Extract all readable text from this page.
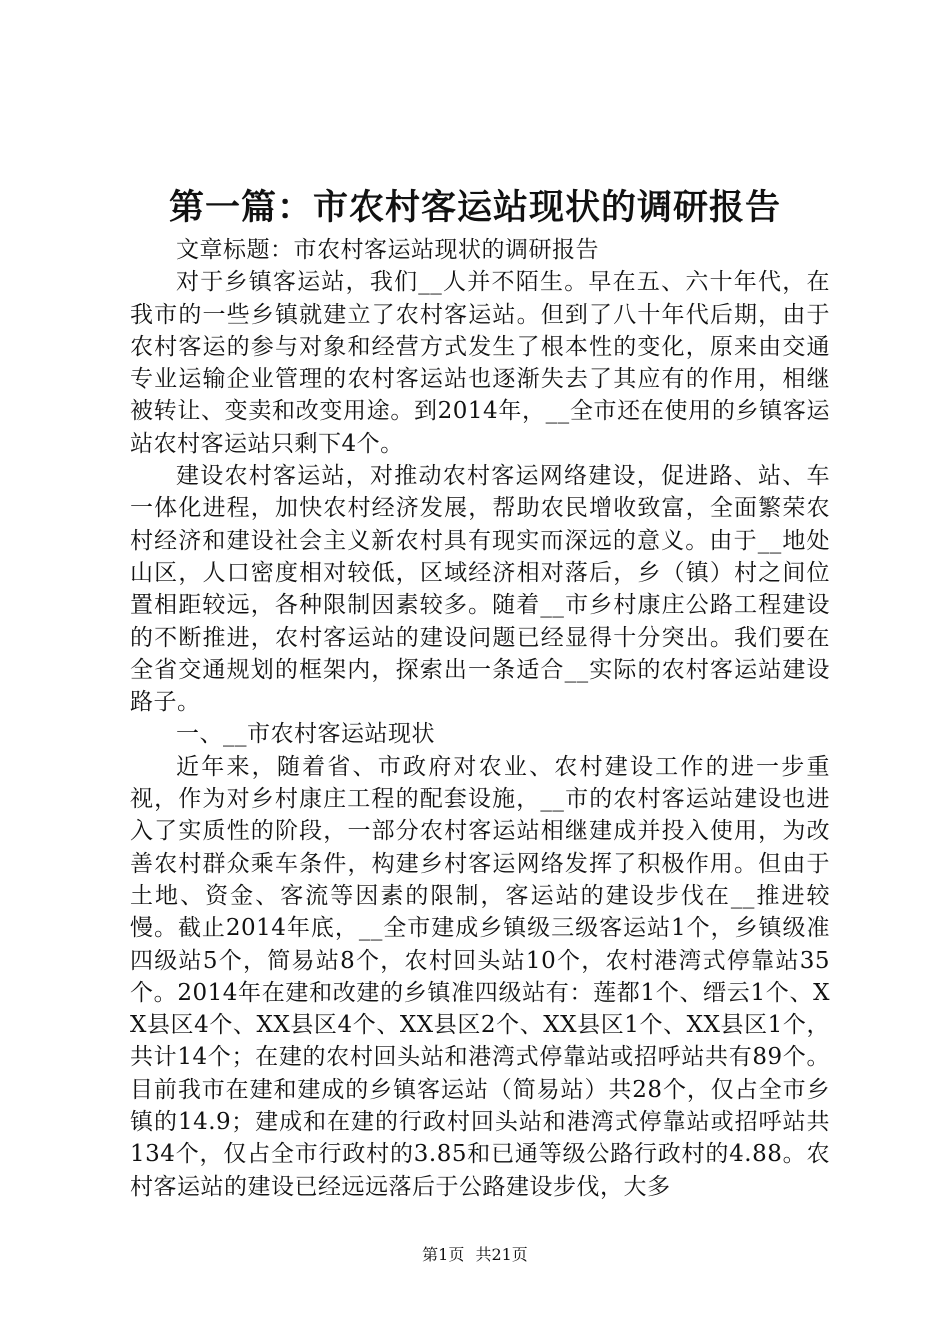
第一篇：市农村客运站现状的调研报告

文章标题：市农村客运站现状的调研报告

对于乡镇客运站，我们__人并不陌生。早在五、六十年代，在我市的一些乡镇就建立了农村客运站。但到了八十年代后期，由于农村客运的参与对象和经营方式发生了根本性的变化，原来由交通专业运输企业管理的农村客运站也逐渐失去了其应有的作用，相继被转让、变卖和改变用途。到2014年，__全市还在使用的乡镇客运站农村客运站只剩下4个。

建设农村客运站，对推动农村客运网络建设，促进路、站、车一体化进程，加快农村经济发展，帮助农民增收致富，全面繁荣农村经济和建设社会主义新农村具有现实而深远的意义。由于__地处山区，人口密度相对较低，区域经济相对落后，乡（镇）村之间位置相距较远，各种限制因素较多。随着__市乡村康庄公路工程建设的不断推进，农村客运站的建设问题已经显得十分突出。我们要在全省交通规划的框架内，探索出一条适合__实际的农村客运站建设路子。

一、__市农村客运站现状

近年来，随着省、市政府对农业、农村建设工作的进一步重视，作为对乡村康庄工程的配套设施，__市的农村客运站建设也进入了实质性的阶段，一部分农村客运站相继建成并投入使用，为改善农村群众乘车条件，构建乡村客运网络发挥了积极作用。但由于土地、资金、客流等因素的限制，客运站的建设步伐在__推进较慢。截止2014年底，__全市建成乡镇级三级客运站1个，乡镇级准四级站5个，简易站8个，农村回头站10个，农村港湾式停靠站35个。2014年在建和改建的乡镇准四级站有：莲都1个、缙云1个、XX县区4个、XX县区4个、XX县区2个、XX县区1个、XX县区1个，共计14个；在建的农村回头站和港湾式停靠站或招呼站共有89个。目前我市在建和建成的乡镇客运站（简易站）共28个，仅占全市乡镇的14.9；建成和在建的行政村回头站和港湾式停靠站或招呼站共134个，仅占全市行政村的3.85和已通等级公路行政村的4.88。农村客运站的建设已经远远落后于公路建设步伐，大多

第1页 共21页
